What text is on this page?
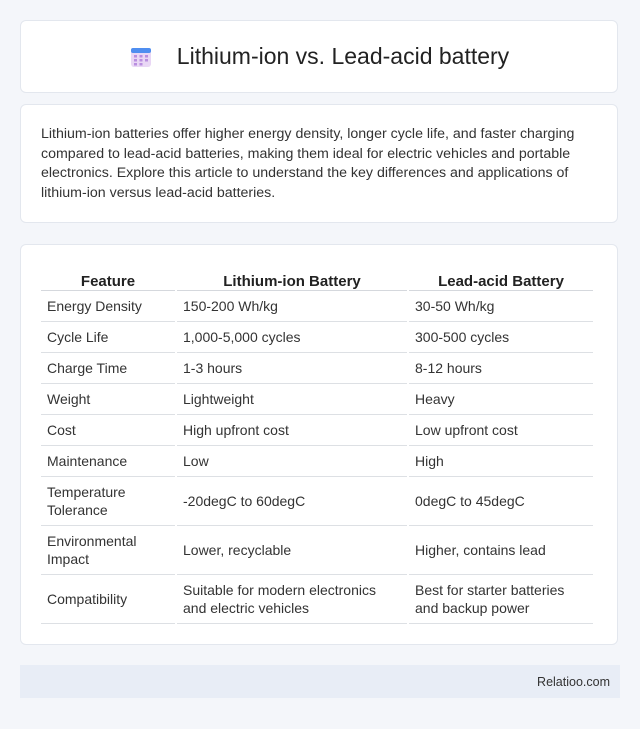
Lithium-ion vs. Lead-acid battery

Lithium-ion batteries offer higher energy density, longer cycle life, and faster charging compared to lead-acid batteries, making them ideal for electric vehicles and portable electronics. Explore this article to understand the key differences and applications of lithium-ion versus lead-acid batteries.

Feature	Lithium-ion Battery	Lead-acid Battery
Energy Density	150-200 Wh/kg	30-50 Wh/kg
Cycle Life	1,000-5,000 cycles	300-500 cycles
Charge Time	1-3 hours	8-12 hours
Weight	Lightweight	Heavy
Cost	High upfront cost	Low upfront cost
Maintenance	Low	High
Temperature Tolerance	-20degC to 60degC	0degC to 45degC
Environmental Impact	Lower, recyclable	Higher, contains lead
Compatibility	Suitable for modern electronics and electric vehicles	Best for starter batteries and backup power
Relatioo.com
